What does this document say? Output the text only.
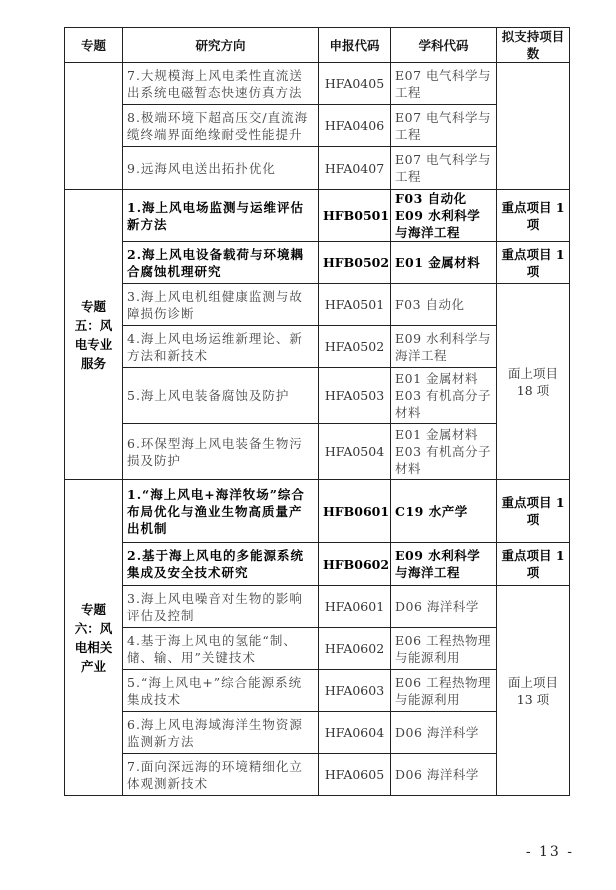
专题	研究方向	申报代码	学科代码	拟支持项目数
	7.大规模海上风电柔性直流送出系统电磁暂态快速仿真方法	HFA0405	E07 电气科学与工程	
	8.极端环境下超高压交/直流海缆终端界面绝缘耐受性能提升	HFA0406	E07 电气科学与工程	
	9.远海风电送出拓扑优化	HFA0407	E07 电气科学与工程	
专题五：风电专业服务	1.海上风电场监测与运维评估新方法	HFB0501	F03 自动化 E09 水利科学与海洋工程	重点项目 1 项
	2.海上风电设备载荷与环境耦合腐蚀机理研究	HFB0502	E01 金属材料	重点项目 1 项
	3.海上风电机组健康监测与故障损伤诊断	HFA0501	F03 自动化	面上项目 18 项
	4.海上风电场运维新理论、新方法和新技术	HFA0502	E09 水利科学与海洋工程	
	5.海上风电装备腐蚀及防护	HFA0503	E01 金属材料 E03 有机高分子材料	
	6.环保型海上风电装备生物污损及防护	HFA0504	E01 金属材料 E03 有机高分子材料	
专题六：风电相关产业	1.“海上风电+海洋牧场”综合布局优化与渔业生物高质量产出机制	HFB0601	C19 水产学	重点项目 1 项
	2.基于海上风电的多能源系统集成及安全技术研究	HFB0602	E09 水利科学与海洋工程	重点项目 1 项
	3.海上风电噪音对生物的影响评估及控制	HFA0601	D06 海洋科学	面上项目 13 项
	4.基于海上风电的氢能“制、储、输、用”关键技术	HFA0602	E06 工程热物理与能源利用	
	5.“海上风电+”综合能源系统集成技术	HFA0603	E06 工程热物理与能源利用	
	6.海上风电海域海洋生物资源监测新方法	HFA0604	D06 海洋科学	
	7.面向深远海的环境精细化立体观测新技术	HFA0605	D06 海洋科学	
- 13 -
